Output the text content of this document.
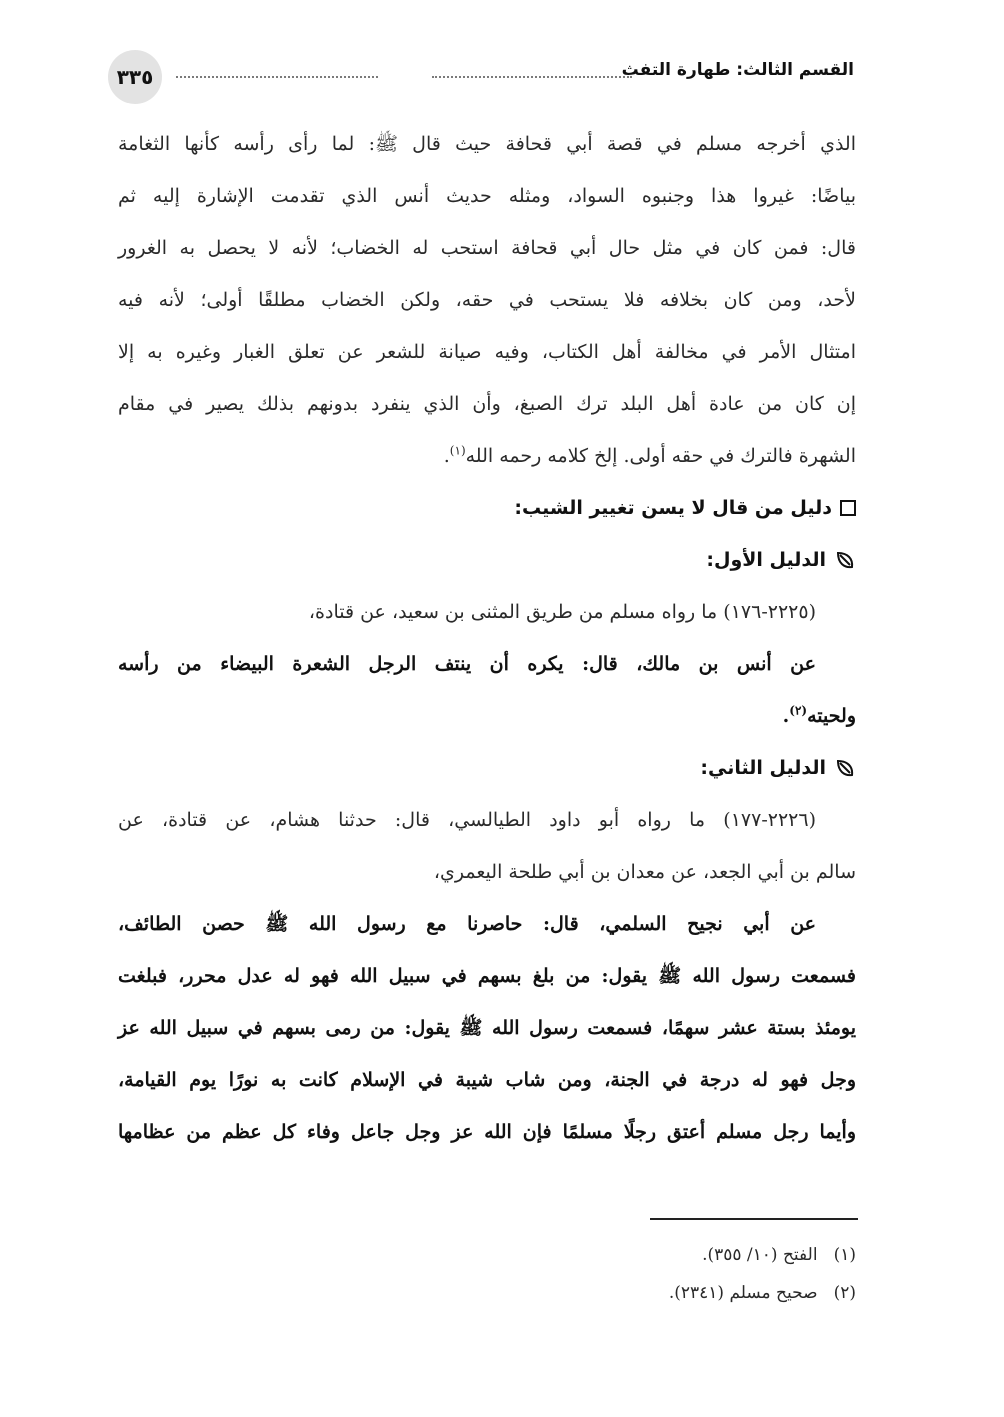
٣٣٥	القسم الثالث: طهارة التفث
الذي أخرجه مسلم في قصة أبي قحافة حيث قال ﷺ: لما رأى رأسه كأنها الثغامة
بياضًا: غيروا هذا وجنبوه السواد، ومثله حديث أنس الذي تقدمت الإشارة إليه ثم
قال: فمن كان في مثل حال أبي قحافة استحب له الخضاب؛ لأنه لا يحصل به الغرور
لأحد، ومن كان بخلافه فلا يستحب في حقه، ولكن الخضاب مطلقًا أولى؛ لأنه فيه
امتثال الأمر في مخالفة أهل الكتاب، وفيه صيانة للشعر عن تعلق الغبار وغيره به إلا
إن كان من عادة أهل البلد ترك الصبغ، وأن الذي ينفرد بدونهم بذلك يصير في مقام
الشهرة فالترك في حقه أولى. إلخ كلامه رحمه الله$^{(١)}$.
دليل من قال لا يسن تغيير الشيب:
الدليل الأول:
(٢٢٢٥-١٧٦) ما رواه مسلم من طريق المثنى بن سعيد، عن قتادة،
عن أنس بن مالك، قال: يكره أن ينتف الرجل الشعرة البيضاء من رأسه
ولحيته$^{(٢)}$.
الدليل الثاني:
(٢٢٢٦-١٧٧) ما رواه أبو داود الطيالسي، قال: حدثنا هشام، عن قتادة، عن
سالم بن أبي الجعد، عن معدان بن أبي طلحة اليعمري،
عن أبي نجيح السلمي، قال: حاصرنا مع رسول الله ﷺ حصن الطائف،
فسمعت رسول الله ﷺ يقول: من بلغ بسهم في سبيل الله فهو له عدل محرر، فبلغت
يومئذ بستة عشر سهمًا، فسمعت رسول الله ﷺ يقول: من رمى بسهم في سبيل الله عز
وجل فهو له درجة في الجنة، ومن شاب شيبة في الإسلام كانت به نورًا يوم القيامة،
وأيما رجل مسلم أعتق رجلًا مسلمًا فإن الله عز وجل جاعل وفاء كل عظم من عظامها
(١)
الفتح (١٠/ ٣٥٥).
(٢)
صحيح مسلم (٢٣٤١).
